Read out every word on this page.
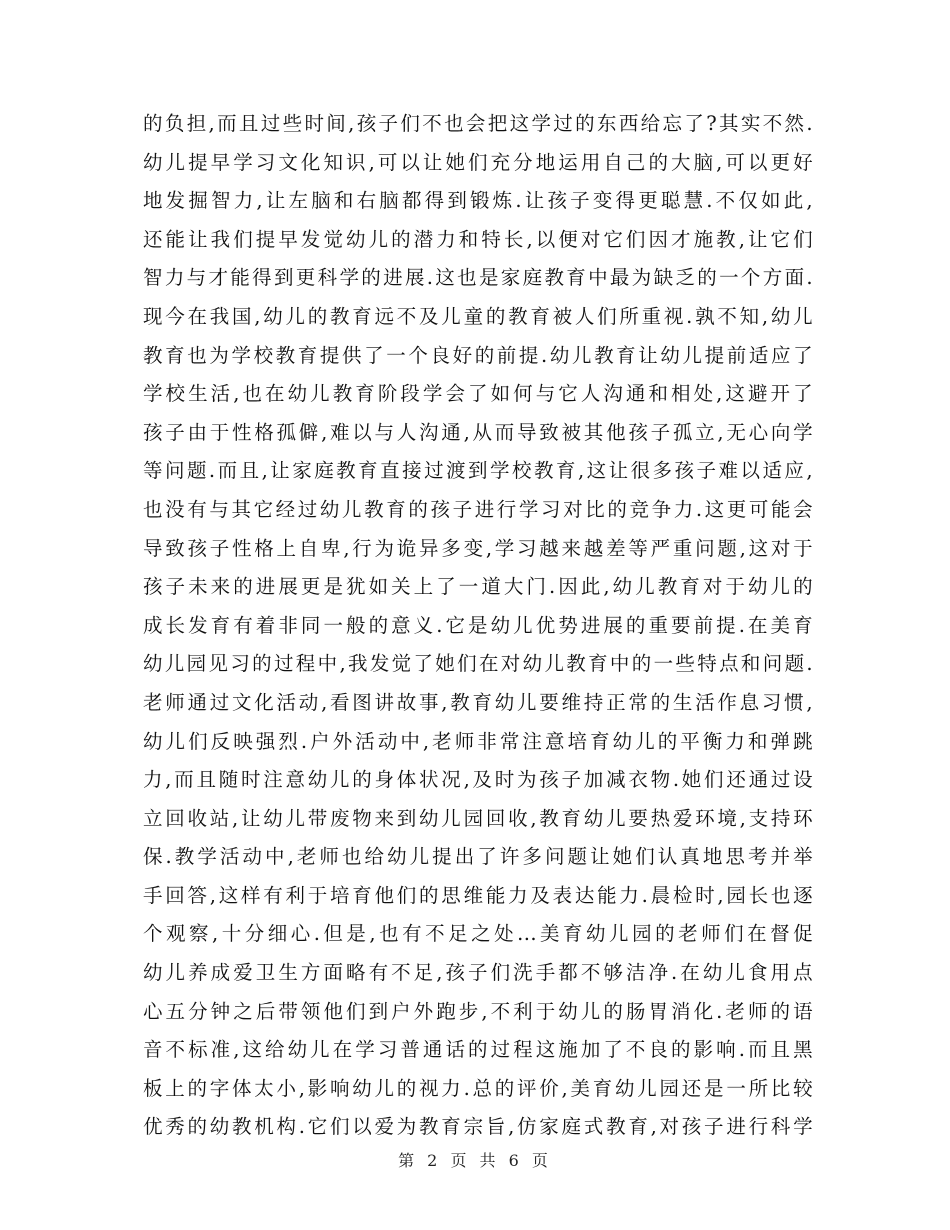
的负担,而且过些时间,孩子们不也会把这学过的东西给忘了?其实不然.
幼儿提早学习文化知识,可以让她们充分地运用自己的大脑,可以更好
地发掘智力,让左脑和右脑都得到锻炼.让孩子变得更聪慧.不仅如此,
还能让我们提早发觉幼儿的潜力和特长,以便对它们因才施教,让它们
智力与才能得到更科学的进展.这也是家庭教育中最为缺乏的一个方面.
现今在我国,幼儿的教育远不及儿童的教育被人们所重视.孰不知,幼儿
教育也为学校教育提供了一个良好的前提.幼儿教育让幼儿提前适应了
学校生活,也在幼儿教育阶段学会了如何与它人沟通和相处,这避开了
孩子由于性格孤僻,难以与人沟通,从而导致被其他孩子孤立,无心向学
等问题.而且,让家庭教育直接过渡到学校教育,这让很多孩子难以适应,
也没有与其它经过幼儿教育的孩子进行学习对比的竞争力.这更可能会
导致孩子性格上自卑,行为诡异多变,学习越来越差等严重问题,这对于
孩子未来的进展更是犹如关上了一道大门.因此,幼儿教育对于幼儿的
成长发育有着非同一般的意义.它是幼儿优势进展的重要前提.在美育
幼儿园见习的过程中,我发觉了她们在对幼儿教育中的一些特点和问题.
老师通过文化活动,看图讲故事,教育幼儿要维持正常的生活作息习惯,
幼儿们反映强烈.户外活动中,老师非常注意培育幼儿的平衡力和弹跳
力,而且随时注意幼儿的身体状况,及时为孩子加减衣物.她们还通过设
立回收站,让幼儿带废物来到幼儿园回收,教育幼儿要热爱环境,支持环
保.教学活动中,老师也给幼儿提出了许多问题让她们认真地思考并举
手回答,这样有利于培育他们的思维能力及表达能力.晨检时,园长也逐
个观察,十分细心.但是,也有不足之处...美育幼儿园的老师们在督促
幼儿养成爱卫生方面略有不足,孩子们洗手都不够洁净.在幼儿食用点
心五分钟之后带领他们到户外跑步,不利于幼儿的肠胃消化.老师的语
音不标准,这给幼儿在学习普通话的过程这施加了不良的影响.而且黑
板上的字体太小,影响幼儿的视力.总的评价,美育幼儿园还是一所比较
优秀的幼教机构.它们以爱为教育宗旨,仿家庭式教育,对孩子进行科学
第 2 页 共 6 页
